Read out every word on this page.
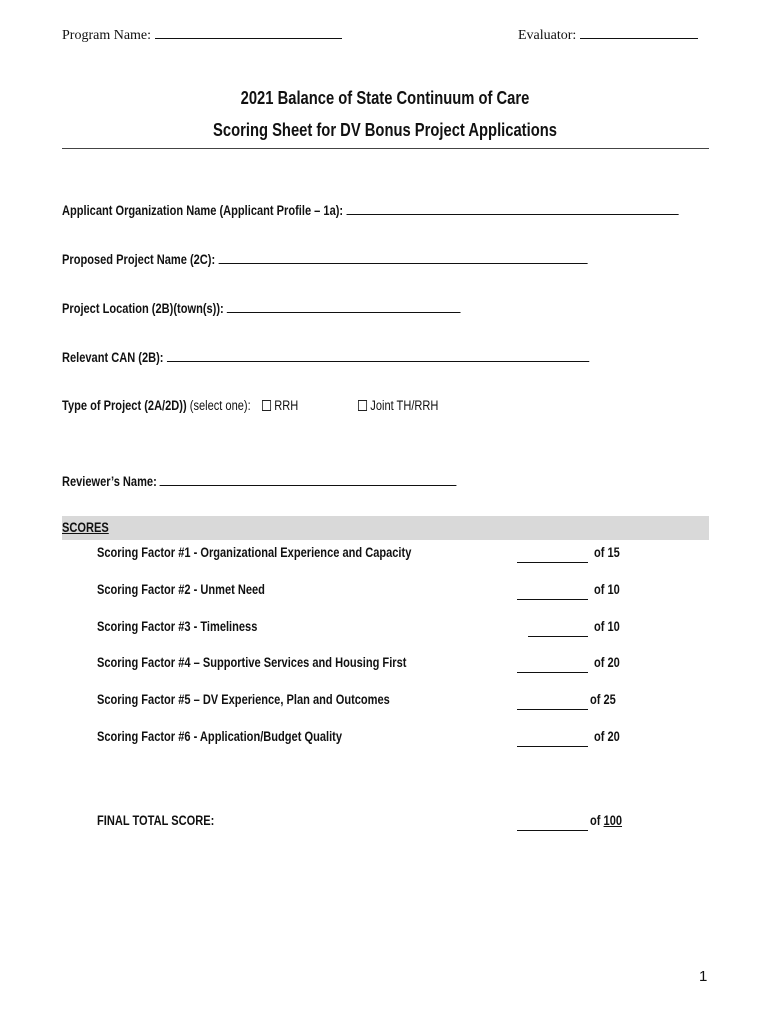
Program Name:	Evaluator:
2021 Balance of State Continuum of Care
Scoring Sheet for DV Bonus Project Applications
Applicant Organization Name (Applicant Profile – 1a):
Proposed Project Name (2C):
Project Location (2B)(town(s)):
Relevant CAN (2B):
Type of Project (2A/2D)) (select one):	RRH	Joint TH/RRH
Reviewer’s Name:
SCORES
Scoring Factor #1 - Organizational Experience and Capacity	of 15
Scoring Factor #2 - Unmet Need	of 10
Scoring Factor #3 - Timeliness	of 10
Scoring Factor #4 – Supportive Services and Housing First	of 20
Scoring Factor #5 – DV Experience, Plan and Outcomes	of 25
Scoring Factor #6 - Application/Budget Quality	of 20
FINAL TOTAL SCORE:	of 100
1
